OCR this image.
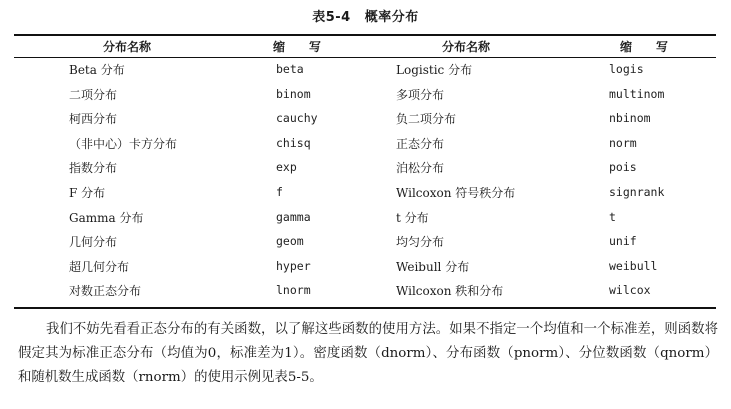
表5-4 概率分布
分布名称	缩　　写	分布名称	缩　　写
Beta 分布	beta	Logistic 分布	logis
二项分布	binom	多项分布	multinom
柯西分布	cauchy	负二项分布	nbinom
（非中心）卡方分布	chisq	正态分布	norm
指数分布	exp	泊松分布	pois
F 分布	f	Wilcoxon 符号秩分布	signrank
Gamma 分布	gamma	t 分布	t
几何分布	geom	均匀分布	unif
超几何分布	hyper	Weibull 分布	weibull
对数正态分布	lnorm	Wilcoxon 秩和分布	wilcox

我们不妨先看看正态分布的有关函数，以了解这些函数的使用方法。如果不指定一个均值和一个标准差，则函数将假定其为标准正态分布（均值为0，标准差为1）。密度函数（dnorm）、分布函数（pnorm）、分位数函数（qnorm）和随机数生成函数（rnorm）的使用示例见表5-5。
